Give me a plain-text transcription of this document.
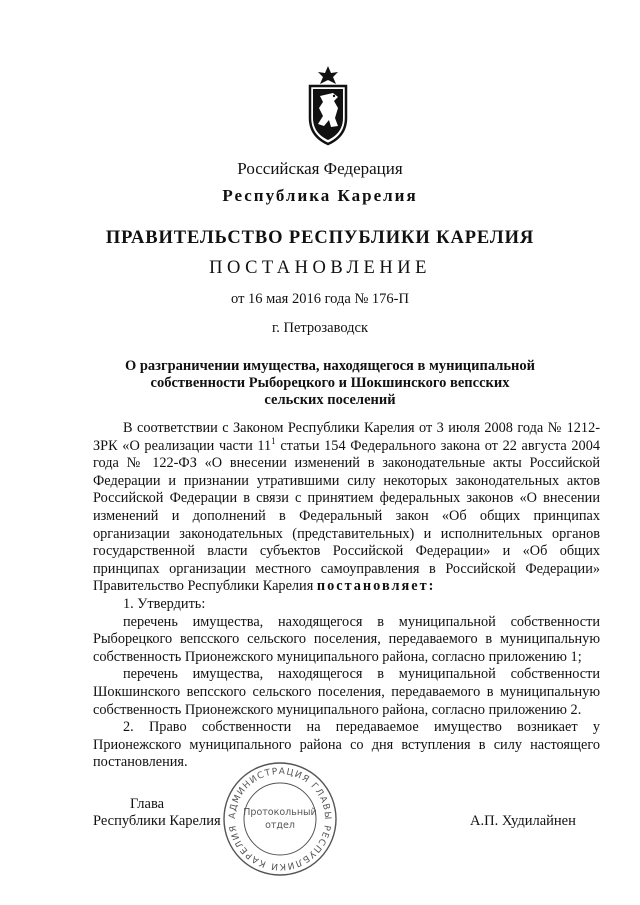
Российская Федерация
Республика Карелия
ПРАВИТЕЛЬСТВО РЕСПУБЛИКИ КАРЕЛИЯ
ПОСТАНОВЛЕНИЕ
от 16 мая 2016 года № 176-П
г. Петрозаводск
О разграничении имущества, находящегося в муниципальной
собственности Рыборецкого и Шокшинского вепсских
сельских поселений

В соответствии с Законом Республики Карелия от 3 июля 2008 года № 1212-ЗРК «О реализации части $11^1$ статьи 154 Федерального закона от 22 августа 2004 года № 122-ФЗ «О внесении изменений в законодательные акты Российской Федерации и признании утратившими силу некоторых законодательных актов Российской Федерации в связи с принятием федеральных законов «О внесении изменений и дополнений в Федеральный закон «Об общих принципах организации законодательных (представительных) и исполнительных органов государственной власти субъектов Российской Федерации» и «Об общих принципах организации местного самоуправления в Российской Федерации» Правительство Республики Карелия постановляет:

1. Утвердить:

перечень имущества, находящегося в муниципальной собственности Рыборецкого вепсского сельского поселения, передаваемого в муниципальную собственность Прионежского муниципального района, согласно приложению 1;

перечень имущества, находящегося в муниципальной собственности Шокшинского вепсского сельского поселения, передаваемого в муниципальную собственность Прионежского муниципального района, согласно приложению 2.

2. Право собственности на передаваемое имущество возникает у Прионежского муниципального района со дня вступления в силу настоящего постановления.

АДМИНИСТРАЦИЯ ГЛАВЫ РЕСПУБЛИКИ КАРЕЛИЯ
Протокольный
отдел
Глава
Республики Карелия	А.П. Худилайнен
